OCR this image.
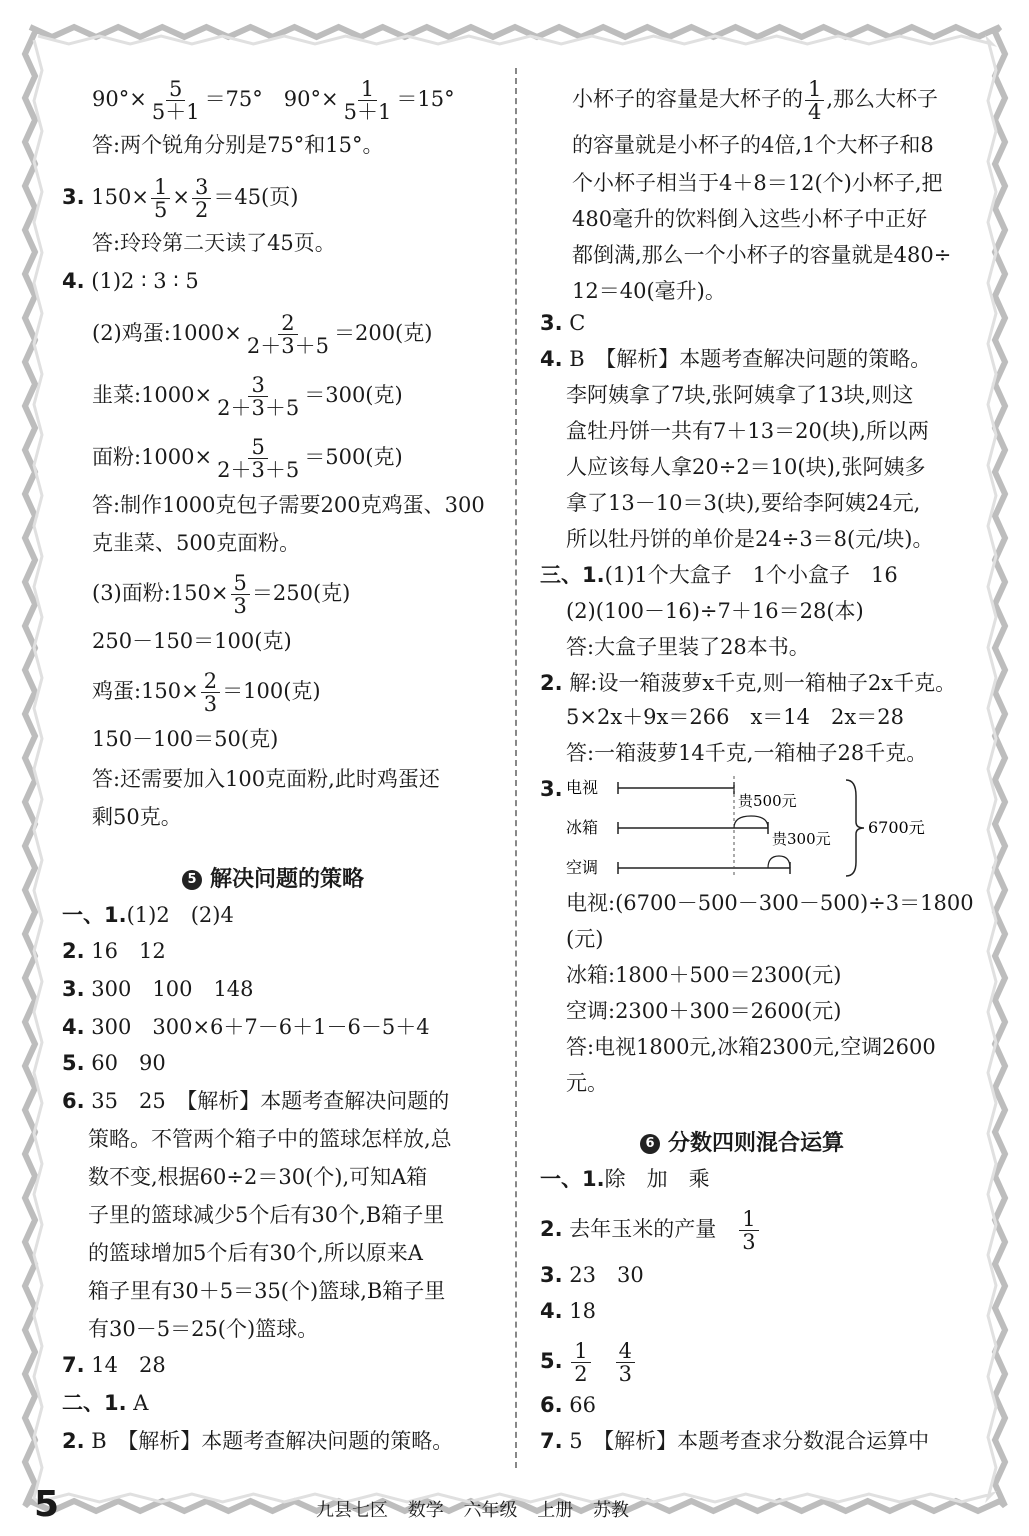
$90^\circ\times \frac{5}{5+1} =75^\circ$　$90^\circ\times \frac{1}{5+1} =15^\circ$
答:两个锐角分别是75°和15°。
3. $150\times \frac{1}{5} \times \frac{3}{2} =45$(页)
答:玲玲第二天读了45页。
4. (1)2 ∶ 3 ∶ 5
(2)鸡蛋:1000× $\frac{2}{2+3+5} =200$(克)
韭菜:1000× $\frac{3}{2+3+5} =300$(克)
面粉:1000× $\frac{5}{2+3+5} =500$(克)
答:制作1000克包子需要200克鸡蛋、300
克韭菜、500克面粉。
(3)面粉:150× $\frac{5}{3} =250$(克)
250－150＝100(克)
鸡蛋:150× $\frac{2}{3} =100$(克)
150－100＝50(克)
答:还需要加入100克面粉,此时鸡蛋还
剩50克。
5 解决问题的策略
一、1.(1)2　(2)4
2. 16　12
3. 300　100　148
4. 300　300×6＋7－6＋1－6－5＋4
5. 60　90
6. 35　25　【解析】本题考查解决问题的
策略。不管两个箱子中的篮球怎样放,总
数不变,根据60÷2＝30(个),可知A箱
子里的篮球减少5个后有30个,B箱子里
的篮球增加5个后有30个,所以原来A
箱子里有30＋5＝35(个)篮球,B箱子里
有30－5＝25(个)篮球。
7. 14　28
二、1. A
2. B　【解析】本题考查解决问题的策略。
小杯子的容量是大杯子的 $\frac{1}{4}$ ,那么大杯子
的容量就是小杯子的4倍,1个大杯子和8
个小杯子相当于4＋8＝12(个)小杯子,把
480毫升的饮料倒入这些小杯子中正好
都倒满,那么一个小杯子的容量就是480÷
12＝40(毫升)。
3. C
4. B　【解析】本题考查解决问题的策略。
李阿姨拿了7块,张阿姨拿了13块,则这
盒牡丹饼一共有7＋13＝20(块),所以两
人应该每人拿20÷2＝10(块),张阿姨多
拿了13－10＝3(块),要给李阿姨24元,
所以牡丹饼的单价是24÷3＝8(元/块)。
三、1.(1)1个大盒子　1个小盒子　16
(2)(100－16)÷7＋16＝28(本)
答:大盒子里装了28本书。
2. 解:设一箱菠萝x千克,则一箱柚子2x千克。
5×2x＋9x＝266　x＝14　2x＝28
答:一箱菠萝14千克,一箱柚子28千克。
3. 电视
冰箱
空调
贵500元
贵300元
6700元
电视:(6700－500－300－500)÷3＝1800
(元)
冰箱:1800＋500＝2300(元)
空调:2300＋300＝2600(元)
答:电视1800元,冰箱2300元,空调2600
元。
6 分数四则混合运算
一、1.除　加　乘
2. 去年玉米的产量　 $\frac{1}{3}$
3. 23　30
4. 18
5. $\frac{1}{2}$
　 $\frac{4}{3}$
6. 66
7. 5　【解析】本题考查求分数混合运算中
5	九县七区 数学 六年级 上册 苏教
